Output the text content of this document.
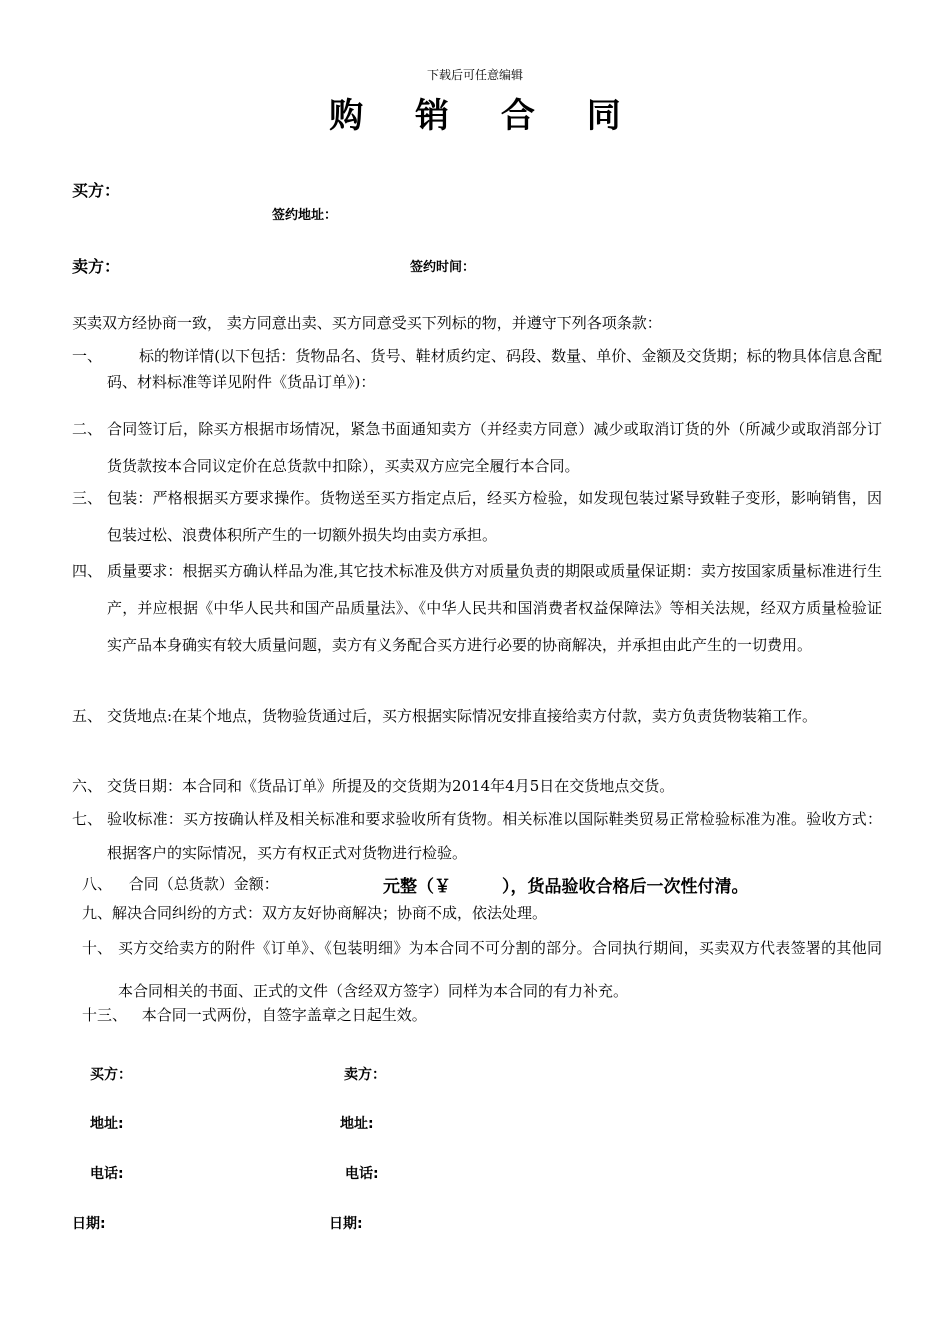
下载后可任意编辑
购 销 合 同
买方：
签约地址：
卖方：	签约时间：
买卖双方经协商一致， 卖方同意出卖、买方同意受买下列标的物，并遵守下列各项条款：
一、	标的物详情(以下包括：货物品名、货号、鞋材质约定、码段、数量、单价、金额及交货期；标的物具体信息含配码、材料标准等详见附件《货品订单》)：
二、 合同签订后，除买方根据市场情况，紧急书面通知卖方（并经卖方同意）减少或取消订货的外（所减少或取消部分订货货款按本合同议定价在总货款中扣除），买卖双方应完全履行本合同。
三、 包装：严格根据买方要求操作。货物送至买方指定点后，经买方检验，如发现包装过紧导致鞋子变形，影响销售，因包装过松、浪费体积所产生的一切额外损失均由卖方承担。
四、 质量要求：根据买方确认样品为准,其它技术标准及供方对质量负责的期限或质量保证期：卖方按国家质量标准进行生产，并应根据《中华人民共和国产品质量法》、《中华人民共和国消费者权益保障法》等相关法规，经双方质量检验证实产品本身确实有较大质量问题，卖方有义务配合买方进行必要的协商解决，并承担由此产生的一切费用。
五、 交货地点:在某个地点，货物验货通过后，买方根据实际情况安排直接给卖方付款，卖方负责货物装箱工作。
六、 交货日期：本合同和《货品订单》所提及的交货期为2014年4月5日在交货地点交货。
七、 验收标准：买方按确认样及相关标准和要求验收所有货物。相关标准以国际鞋类贸易正常检验标准为准。验收方式：根据客户的实际情况，买方有权正式对货物进行检验。
八、 合同（总货款）金额：	元整（￥　　　），货品验收合格后一次性付清。
九、解决合同纠纷的方式：双方友好协商解决；协商不成，依法处理。
十、 买方交给卖方的附件《订单》、《包装明细》为本合同不可分割的部分。合同执行期间，买卖双方代表签署的其他同本合同相关的书面、正式的文件（含经双方签字）同样为本合同的有力补充。
十三、 本合同一式两份，自签字盖章之日起生效。
买方：	卖方：
地址:	地址:
电话:	电话:
日期:	日期:
